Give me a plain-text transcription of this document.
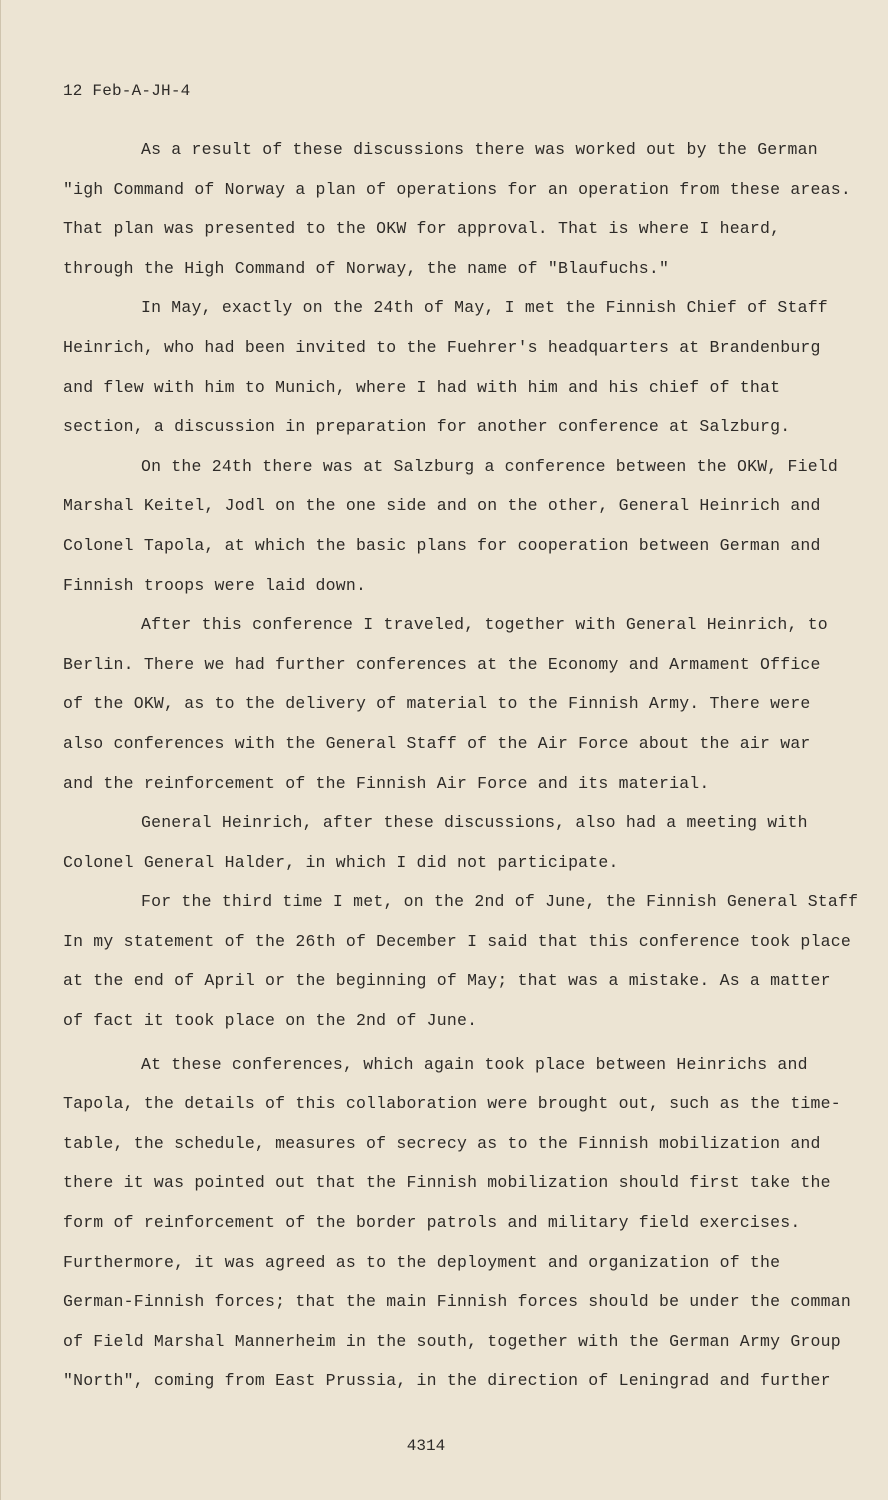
12 Feb-A-JH-4
As a result of these discussions there was worked out by the German
"igh Command of Norway a plan of operations for an operation from these areas.
That plan was presented to the OKW for approval. That is where I heard,
through the High Command of Norway, the name of "Blaufuchs."
In May, exactly on the 24th of May, I met the Finnish Chief of Staff
Heinrich, who had been invited to the Fuehrer's headquarters at Brandenburg
and flew with him to Munich, where I had with him and his chief of that
section, a discussion in preparation for another conference at Salzburg.
On the 24th there was at Salzburg a conference between the OKW, Field
Marshal Keitel, Jodl on the one side and on the other, General Heinrich and
Colonel Tapola, at which the basic plans for cooperation between German and
Finnish troops were laid down.
After this conference I traveled, together with General Heinrich, to
Berlin. There we had further conferences at the Economy and Armament Office
of the OKW, as to the delivery of material to the Finnish Army. There were
also conferences with the General Staff of the Air Force about the air war
and the reinforcement of the Finnish Air Force and its material.
General Heinrich, after these discussions, also had a meeting with
Colonel General Halder, in which I did not participate.
For the third time I met, on the 2nd of June, the Finnish General Staff
In my statement of the 26th of December I said that this conference took place
at the end of April or the beginning of May; that was a mistake. As a matter
of fact it took place on the 2nd of June.
At these conferences, which again took place between Heinrichs and
Tapola, the details of this collaboration were brought out, such as the time-
table, the schedule, measures of secrecy as to the Finnish mobilization and
there it was pointed out that the Finnish mobilization should first take the
form of reinforcement of the border patrols and military field exercises.
Furthermore, it was agreed as to the deployment and organization of the
German-Finnish forces; that the main Finnish forces should be under the comman
of Field Marshal Mannerheim in the south, together with the German Army Group
"North", coming from East Prussia, in the direction of Leningrad and further
4314
